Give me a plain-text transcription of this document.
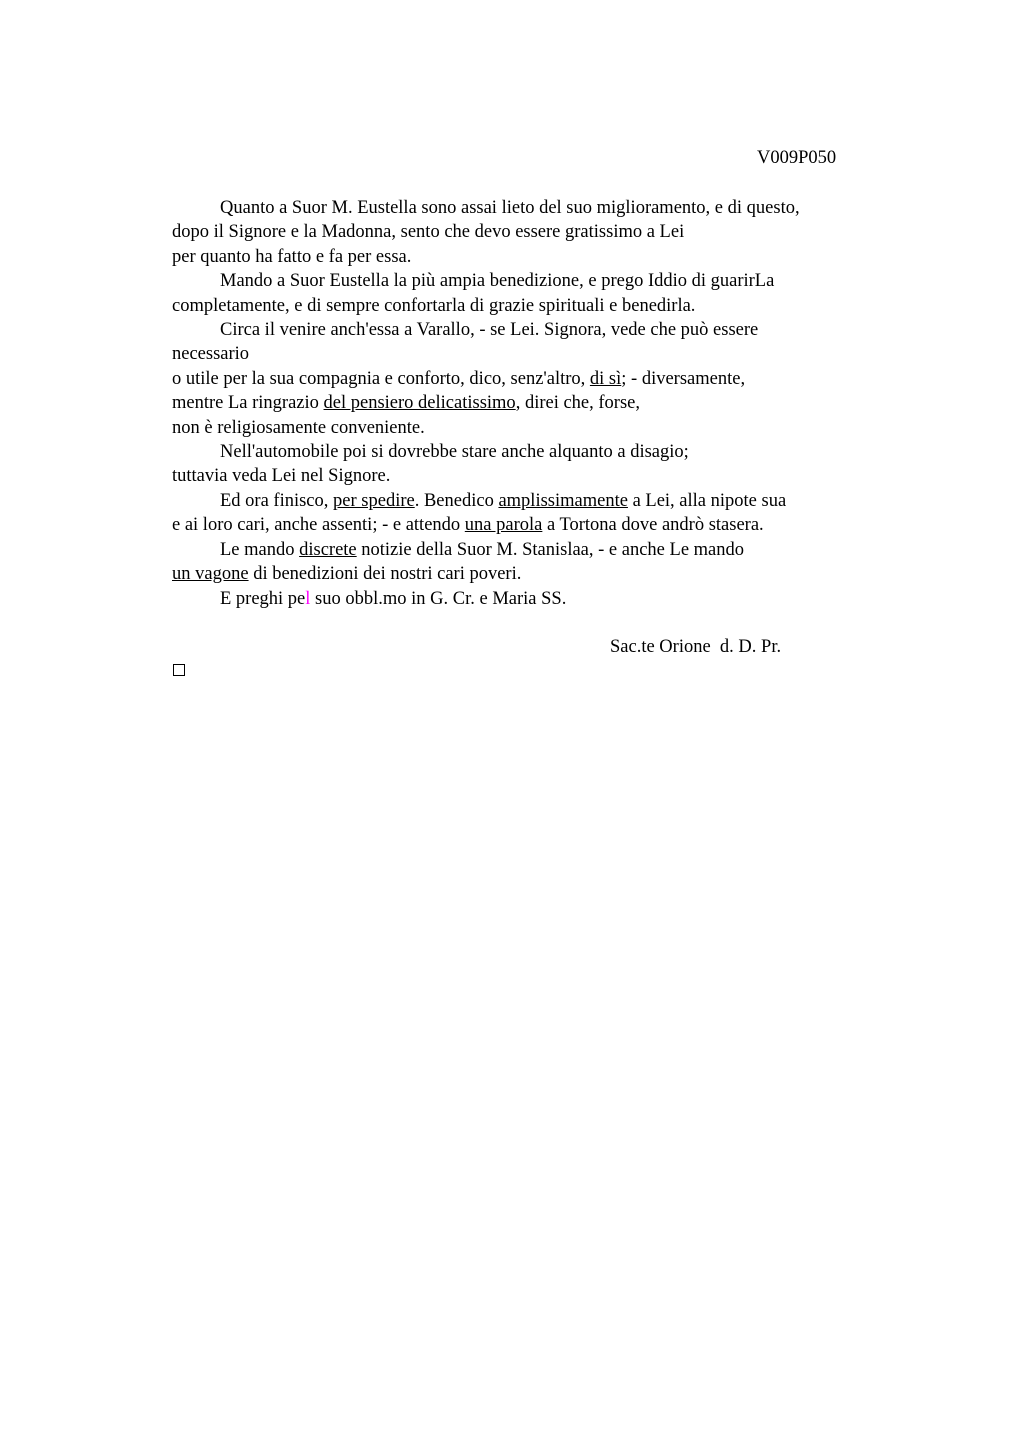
V009P050
Quanto a Suor M. Eustella sono assai lieto del suo miglioramento, e di questo,
dopo il Signore e la Madonna, sento che devo essere gratissimo a Lei
per quanto ha fatto e fa per essa.
Mando a Suor Eustella la più ampia benedizione, e prego Iddio di guarirLa
completamente, e di sempre confortarla di grazie spirituali e benedirla.
Circa il venire anch'essa a Varallo, - se Lei. Signora, vede che può essere
necessario
o utile per la sua compagnia e conforto, dico, senz'altro, di sì; - diversamente,
mentre La ringrazio del pensiero delicatissimo, direi che, forse,
non è religiosamente conveniente.
Nell'automobile poi si dovrebbe stare anche alquanto a disagio;
tuttavia veda Lei nel Signore.
Ed ora finisco, per spedire. Benedico amplissimamente a Lei, alla nipote sua
e ai loro cari, anche assenti; - e attendo una parola a Tortona dove andrò stasera.
Le mando discrete notizie della Suor M. Stanislaa, - e anche Le mando
un vagone di benedizioni dei nostri cari poveri.
E preghi pel suo obbl.mo in G. Cr. e Maria SS.
Sac.te Orione  d. D. Pr.
